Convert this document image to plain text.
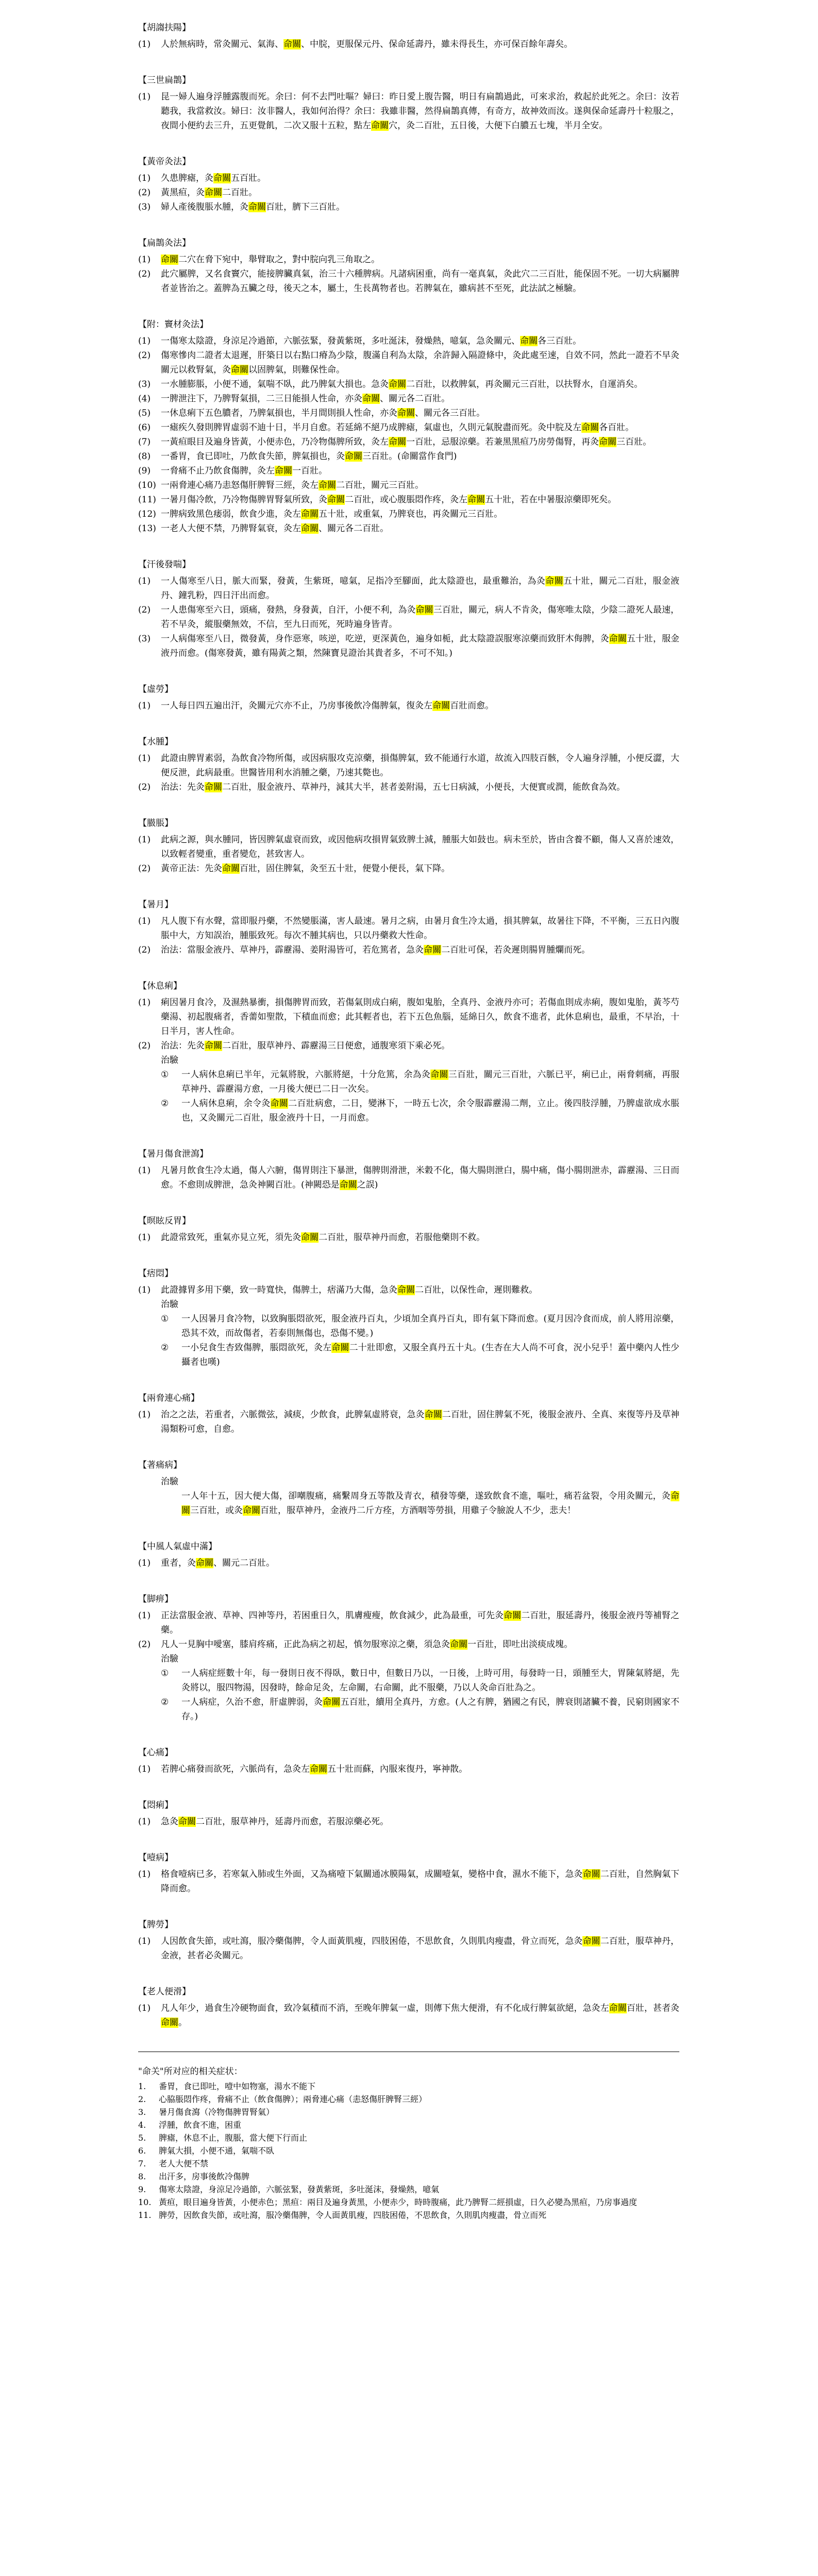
【胡謅扶陽】
(1)	人於無病時，常灸關元、氣海、命關、中脘，更服保元丹、保命延壽丹，雖未得長生，亦可保百餘年壽矣。
【三世扁鵲】
(1)	昆一婦人遍身浮腫露腹而死。余曰：何不去門吐嘔？婦曰：昨日愛上腹告醫，明日有扁鵲過此，可來求治，救起於此死之。余曰：汝若聽我，我當救汝。婦曰：汝非醫人，我如何治得？余曰：我雖非醫，然得扁鵲真傳，有奇方，故神效而汝。遂與保命延壽丹十粒服之，夜間小便約去三升，五更覺飢，二次又服十五粒，點左命關穴，灸二百壯，五日後，大便下白膿五七塊，半月全安。
【黃帝灸法】
(1)	久患脾瘧，灸命關五百壯。
(2)	黃黑疸，灸命關二百壯。
(3)	婦人產後腹脹水腫，灸命關百壯，臍下三百壯。
【扁鵲灸法】
(1)	命關二穴在脅下宛中，舉臂取之，對中脘向乳三角取之。
(2)	此穴屬脾，又名食竇穴，能接脾臟真氣，治三十六種脾病。凡諸病困重，尚有一毫真氣，灸此穴二三百壯，能保固不死。一切大病屬脾者並皆治之。蓋脾為五臟之母，後天之本，屬土，生長萬物者也。若脾氣在，雖病甚不至死，此法試之極驗。
【附：竇材灸法】
(1)	一傷寒太陰證，身涼足冷過節，六脈弦緊，發黃紫斑，多吐涎沫，發燥熱，噫氣，急灸關元、命關各三百壯。
(2)	傷寒慘肉二證者太退遲，肝築日以右點口瘠為少陰，腹滿自利為太陰，余許歸入隔證條中，灸此處至速，自效不同，然此一證若不早灸關元以救腎氣，灸命關以固脾氣，則難保性命。
(3)	一水腫膨脹，小便不通，氣喘不臥，此乃脾氣大損也。急灸命關二百壯，以救脾氣，再灸關元三百壯，以扶腎水，自運消矣。
(4)	一脾泄注下，乃脾腎氣損，二三日能損人性命，亦灸命關、關元各二百壯。
(5)	一休息痢下五色膿者，乃脾氣損也，半月間則損人性命，亦灸命關、關元各三百壯。
(6)	一瘧疾久發則脾胃虛弱不迪十日，半月自愈。若延綿不絕乃成脾瘧，氣虛也，久則元氣脫盡而死。灸中脘及左命關各百壯。
(7)	一黃疸眼目及遍身皆黃，小便赤色，乃冷物傷脾所致，灸左命關一百壯，忌服涼藥。若兼黑黑疸乃房勞傷腎，再灸命關三百壯。
(8)	一番胃，食已即吐，乃飲食失節，脾氣損也，灸命關三百壯。(命關當作食門)
(9)	一脅痛不止乃飲食傷脾，灸左命關一百壯。
(10) 一兩脅連心痛乃恚怒傷肝脾腎三經，灸左命關二百壯，關元三百壯。
(11) 一暑月傷冷飲，乃冷物傷脾胃腎氣所致，灸命關二百壯，或心腹脹悶作疼，灸左命關五十壯，若在中暑服涼藥即死矣。
(12) 一脾病致黑色痿弱，飲食少進，灸左命關五十壯，或重氣，乃脾衰也，再灸關元三百壯。
(13) 一老人大便不禁，乃脾腎氣衰，灸左命關、關元各二百壯。
【汗後發喘】
(1)	一人傷寒至八日，脈大而緊，發黃，生紫斑，噫氣，足指冷至腳面，此太陰證也，最重難治，為灸命關五十壯，關元二百壯，服金液丹、鐘乳粉，四日汗出而愈。
(2)	一人患傷寒至六日，頭痛，發熱，身發黃，自汗，小便不利，為灸命關三百壯，關元，病人不肯灸，傷寒唯太陰，少陰二證死人最速，若不早灸，縱服藥無效，不信，至九日而死，死時遍身皆青。
(3)	一人病傷寒至八日，微發黃，身作惡寒，咳逆，吃逆，更深黃色，遍身如栀，此太陰證誤服寒涼藥而致肝木侮脾，灸命關五十壯，服金液丹而愈。(傷寒發黃，雖有陽黃之類，然陳寶見證治其貴者多，不可不知。)
【虛勞】
(1)	一人每日四五遍出汗，灸關元穴亦不止，乃房事後飲冷傷脾氣，復灸左命關百壯而愈。
【水腫】
(1)	此證由脾胃素弱，為飲食冷物所傷，或因病服攻克涼藥，損傷脾氣，致不能通行水道，故流入四肢百骸，令人遍身浮腫，小便反澀，大便反泄，此病最重。世醫皆用利水消腫之藥，乃速其斃也。
(2)	治法：先灸命關二百壯，服金液丹、草神丹，減其大半，甚者姜附湯，五七日病減，小便長，大便實或潤，能飲食為效。
【臌脹】
(1)	此病之源，與水腫同，皆因脾氣虛衰而致，或因他病攻損胃氣致脾土減，腫脹大如鼓也。病未至於，皆由含養不顧，傷人又喜於速效，以致輕者變重，重者變危，甚致害人。
(2)	黃帝正法：先灸命關百壯，固住脾氣，灸至五十壯，便覺小便長，氣下降。
【暑月】
(1)	凡人腹下有水聲，當即服丹藥，不然變脹滿，害人最速。暑月之病，由暑月食生冷太過，損其脾氣，故暑往下降，不平衡，三五日內腹脹中大，方知誤治，腫脹致死。每次不腫其病也，只以丹藥救大性命。
(2)	治法：當服金液丹、草神丹，霹靂湯、姜附湯皆可，若危篤者，急灸命關二百壯可保，若灸遲則腸胃腫爛而死。
【休息痢】
(1)	痢因暑月食冷，及濕熱暴衝，損傷脾胃而致，若傷氣則成白痢，腹如鬼胎，全真丹、金液丹亦可；若傷血則成赤痢，腹如鬼胎，黃芩芍藥湯、初起腹痛者，香薷如聖散，下積血而愈；此其輕者也，若下五色魚腦，延綿日久，飲食不進者，此休息痢也，最重，不早治，十日半月，害人性命。
(2)	治法：先灸命關二百壯，服草神丹、霹靂湯三日便愈，通腹寒須下乘必死。
治驗
①	一人病休息痢已半年，元氣將脫，六脈將絕，十分危篤，余為灸命關三百壯，關元三百壯，六脈已平，痢已止，兩脅刺痛，再服草神丹、霹靂湯方愈，一月後大便已二日一次矣。
②	一人病休息痢，余令灸命關二百壯病愈，二日，變淋下，一時五七次，余令服霹靂湯二劑，立止。後四肢浮腫，乃脾虛欲成水脹也，又灸關元二百壯，服金液丹十日，一月而愈。
【暑月傷食泄瀉】
(1)	凡暑月飲食生冷太過，傷人六腑，傷胃則注下暴泄，傷脾則滑泄，米穀不化，傷大腸則泄白，腸中痛，傷小腸則泄赤，霹靂湯、三日而愈。不愈則成脾泄，急灸神闕百壯。(神闕恐是命關之誤)
【暝眩反胃】
(1)	此證常致死，重氣亦見立死，須先灸命關二百壯，服草神丹而愈，若服他藥則不救。
【痞悶】
(1)	此證據胃多用下藥，致一時寬快，傷脾土，痞滿乃大傷，急灸命關二百壯，以保性命，遲則難救。
治驗
①	一人因暑月食冷物，以致胸脹悶欲死，服金液丹百丸，少頃加全真丹百丸，即有氣下降而愈。(夏月因冷食而成，前人將用涼藥，恐其不效，而故傷者，若泰則無傷也，恐傷不變。)
②	一小兒食生杏致傷脾，脹悶欲死，灸左命關二十壯即愈，又服全真丹五十丸。(生杏在大人尚不可食，況小兒乎！蓋中藥內人性少攝者也嘆)
【兩脅連心痛】
(1)	治之之法，若重者，六脈微弦，減痰，少飲食，此脾氣虛將衰，急灸命關二百壯，固住脾氣不死，後服金液丹、全真、來復等丹及草神湯類粉可愈，自愈。
【著痛病】
治驗
一人年十五，因大便大傷，卻嘲腹痛，痛繫周身五等散及青衣，積發等藥，遂致飲食不進，嘔吐，痛若盆裂，令用灸關元，灸命關三百壯，或灸命關百壯，服草神丹，金液丹二斤方痊，方酒咽等勞損，用雞子令臉說人不少，悲夫！
【中風人氣虛中滿】
(1)	重者，灸命關、關元二百壯。
【脚痹】
(1)	正法當服金液、草神、四神等丹，若困重日久，肌膚瘦瘦，飲食減少，此為最重，可先灸命關二百壯，服延壽丹，後服金液丹等補腎之藥。
(2)	凡人一見胸中噯塞，膝肩疼痛，正此為病之初起，慎勿服寒涼之藥，須急灸命關一百壯，即吐出淡痰成塊。
治驗
①	一人病症經數十年，每一發則日夜不得臥，數日中，但數日乃以，一日後，上時可用，每發時一日，頭腫至大，胃陳氣將絕，先灸將以，服四物湯，因發時，餘命足灸，左命關，右命關，此不服藥，乃以人灸命百壯為之。
②	一人病症，久治不愈，肝虛脾弱，灸命關五百壯，續用全真丹，方愈。(人之有脾，猶國之有民，脾衰則諸臟不養，民窮則國家不存。)
【心痛】
(1)	若脾心痛發而欲死，六脈尚有，急灸左命關五十壯而蘇，內服來復丹，寧神散。
【悶痢】
(1)	急灸命關二百壯，服草神丹，延壽丹而愈，若服涼藥必死。
【噎病】
(1)	格食噎病已多，若寒氣入肺或生外面，又為痛噎下氣關通冰膜陽氣，成關噎氣，變格中食，濕水不能下，急灸命關二百壯，自然胸氣下降而愈。
【脾勞】
(1)	人因飲食失節，或吐瀉，服冷藥傷脾，令人面黃肌瘦，四肢困倦，不思飲食，久則肌肉瘦盡，骨立而死，急灸命關二百壯，服草神丹，金液，甚者必灸關元。
【老人便滑】
(1)	凡人年少，過食生冷硬物面食，致冷氣積而不消，至晚年脾氣一虛，則傳下焦大便滑，有不化成行脾氣欲絕，急灸左命關百壯，甚者灸命關。
"命关"所对应的相关症状：
1.	番胃，食已即吐，噎中如物塞，湯水不能下
2.	心脇脹悶作疼，脅痛不止（飲食傷脾）；兩脅連心痛（恚怒傷肝脾腎三經）
3.	暑月傷食瀉（冷物傷脾胃腎氣）
4.	浮腫，飲食不進，困重
5.	脾瘧，休息不止，腹脹，當大便下行而止
6.	脾氣大損，小便不通，氣喘不臥
7.	老人大便不禁
8.	出汗多，房事後飲冷傷脾
9.	傷寒太陰證，身涼足冷過節，六脈弦緊，發黃紫斑，多吐涎沫，發燥熱，噫氣
10. 黃疸，眼目遍身皆黃，小便赤色；黑疸：兩目及遍身黃黑，小便赤少，時時腹痛，此乃脾腎二經損虛，日久必變為黑疸，乃房事過度
11. 脾勞，因飲食失節，或吐瀉，服冷藥傷脾，令人面黃肌瘦，四肢困倦，不思飲食，久則肌肉瘦盡，骨立而死
